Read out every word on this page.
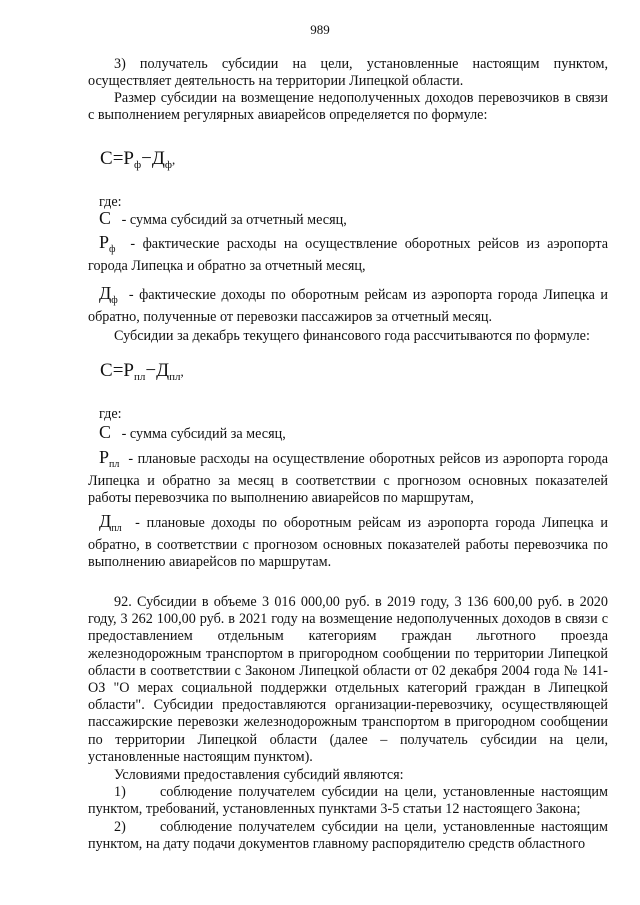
989

3) получатель субсидии на цели, установленные настоящим пунктом, осуществляет деятельность на территории Липецкой области.

Размер субсидии на возмещение недополученных доходов перевозчиков в связи с выполнением регулярных авиарейсов определяется по формуле:

$С=Р_ф-Д_ф$,

где:

С - сумма субсидий за отчетный месяц,

$Р_ф$ - фактические расходы на осуществление оборотных рейсов из аэропорта города Липецка и обратно за отчетный месяц,

$Д_ф$ - фактические доходы по оборотным рейсам из аэропорта города Липецка и обратно, полученные от перевозки пассажиров за отчетный месяц.

Субсидии за декабрь текущего финансового года рассчитываются по формуле:

$С=Р_{пл}-Д_{пл}$,

где:

С - сумма субсидий за месяц,

$Р_{пл}$ - плановые расходы на осуществление оборотных рейсов из аэропорта города Липецка и обратно за месяц в соответствии с прогнозом основных показателей работы перевозчика по выполнению авиарейсов по маршрутам,

$Д_{пл}$ - плановые доходы по оборотным рейсам из аэропорта города Липецка и обратно, в соответствии с прогнозом основных показателей работы перевозчика по выполнению авиарейсов по маршрутам.

92. Субсидии в объеме 3 016 000,00 руб. в 2019 году, 3 136 600,00 руб. в 2020 году, 3 262 100,00 руб. в 2021 году на возмещение недополученных доходов в связи с предоставлением отдельным категориям граждан льготного проезда железнодорожным транспортом в пригородном сообщении по территории Липецкой области в соответствии с Законом Липецкой области от 02 декабря 2004 года № 141-ОЗ "О мерах социальной поддержки отдельных категорий граждан в Липецкой области". Субсидии предоставляются организации-перевозчику, осуществляющей пассажирские перевозки железнодорожным транспортом в пригородном сообщении по территории Липецкой области (далее – получатель субсидии на цели, установленные настоящим пунктом).

Условиями предоставления субсидий являются:

1) соблюдение получателем субсидии на цели, установленные настоящим пунктом, требований, установленных пунктами 3-5 статьи 12 настоящего Закона;

2) соблюдение получателем субсидии на цели, установленные настоящим пунктом, на дату подачи документов главному распорядителю средств областного
